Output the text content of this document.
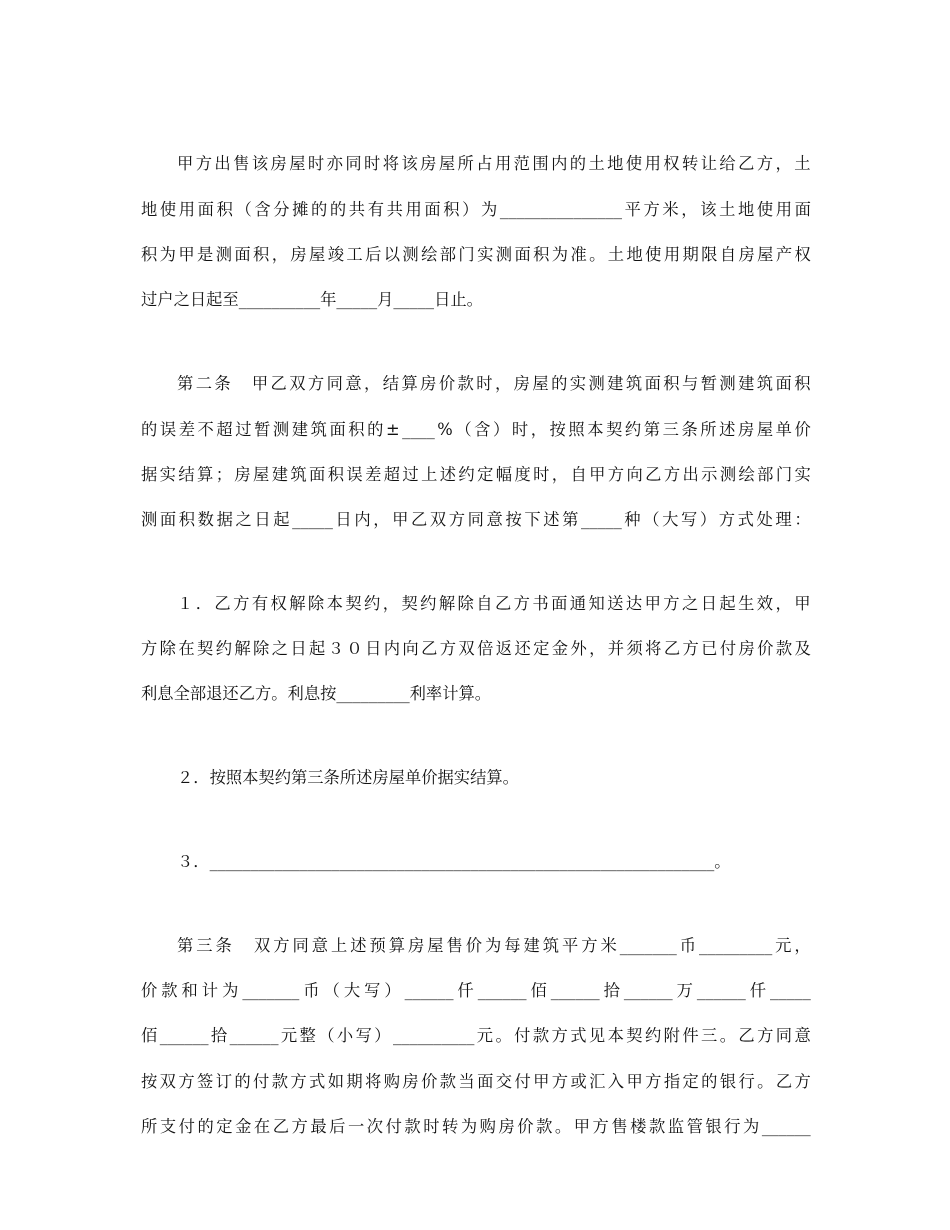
甲 方 出 售 该 房 屋 时 亦 同 时 将 该 房 屋 所 占 用 范 围 内 的 土 地 使 用 权 转 让 给 乙 方 ， 土
地 使 用 面 积 （ 含 分 摊 的 的 共 有 共 用 面 积 ） 为 _______________ 平 方 米 ， 该 土 地 使 用 面
积 为 甲 是 测 面 积 ， 房 屋 竣 工 后 以 测 绘 部 门 实 测 面 积 为 准 。 土 地 使 用 期 限 自 房 屋 产 权
过户之日起至__________年_____月_____日止。
第 二 条
　 甲 乙 双 方 同 意 ， 结 算 房 价 款 时 ， 房 屋 的 实 测 建 筑 面 积 与 暂 测 建 筑 面 积
的 误 差 不 超 过 暂 测 建 筑 面 积 的 ± ____ % （ 含 ） 时 ， 按 照 本 契 约 第 三 条 所 述 房 屋 单 价
据 实 结 算 ； 房 屋 建 筑 面 积 误 差 超 过 上 述 约 定 幅 度 时 ， 自 甲 方 向 乙 方 出 示 测 绘 部 门 实
测 面 积 数 据 之 日 起 _____ 日 内 ， 甲 乙 双 方 同 意 按 下 述 第 _____ 种 （ 大 写 ） 方 式 处 理 ：
１ ． 乙 方 有 权 解 除 本 契 约 ， 契 约 解 除 自 乙 方 书 面 通 知 送 达 甲 方 之 日 起 生 效 ， 甲
方 除 在 契 约 解 除 之 日 起 ３ ０ 日 内 向 乙 方 双 倍 返 还 定 金 外 ， 并 须 将 乙 方 已 付 房 价 款 及
利息全部退还乙方。利息按_________利率计算。
２．按照本契约第三条所述房屋单价据实结算。
３．______________________________________________________________。
第 三 条
　 双 方 同 意 上 述 预 算 房 屋 售 价 为 每 建 筑 平 方 米 _______ 币 _________ 元 ，
价 款 和 计 为 _______ 币 （ 大 写 ） ______ 仟 ______ 佰 ______ 拾 ______ 万 ______ 仟 _____
佰 ______ 拾 ______ 元 整 （ 小 写 ） __________ 元 。 付 款 方 式 见 本 契 约 附 件 三 。 乙 方 同 意
按 双 方 签 订 的 付 款 方 式 如 期 将 购 房 价 款 当 面 交 付 甲 方 或 汇 入 甲 方 指 定 的 银 行 。 乙 方
所 支 付 的 定 金 在 乙 方 最 后 一 次 付 款 时 转 为 购 房 价 款 。 甲 方 售 楼 款 监 管 银 行 为 ______
